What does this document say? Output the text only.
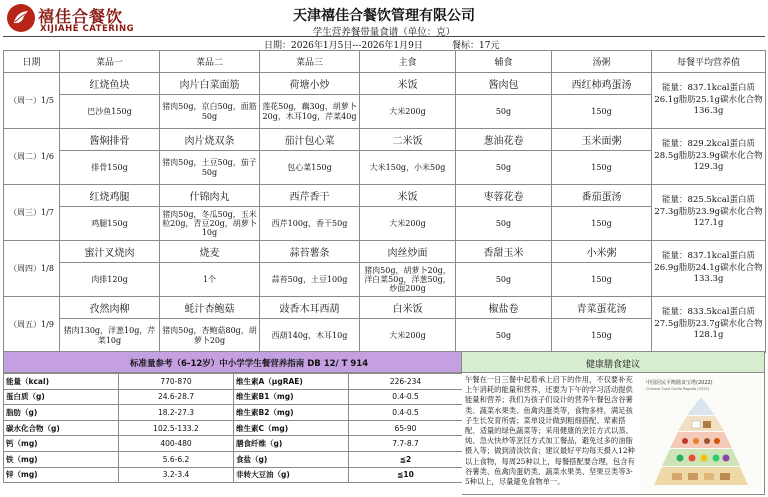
禧佳合餐饮
XIJIAHE CATERING
天津禧佳合餐饮管理有限公司
学生营养餐带量食谱（单位：克）
日期：2026年1月5日---2026年1月9日	餐标：17元
日期	菜品一	菜品二	菜品三	主食	辅食	汤粥	每餐平均营养值
（周一）1/5	红烧鱼块	肉片白菜面筋	荷塘小炒	米饭	酱肉包	西红柿鸡蛋汤	能量：837.1kcal蛋白质26.1g脂肪25.1g碳水化合物136.3g
	巴沙鱼150g	猪肉50g，京白50g，面筋50g	莲花50g，藕30g，胡萝卜20g，木耳10g，芹菜40g	大米200g	50g	150g	
（周二）1/6	酱焖排骨	肉片烧双条	茄汁包心菜	二米饭	葱油花卷	玉米面粥	能量：829.2kcal蛋白质28.5g脂肪23.9g碳水化合物129.3g
	排骨150g	猪肉50g，土豆50g，茄子50g	包心菜150g	大米150g，小米50g	50g	150g	
（周三）1/7	红烧鸡腿	什锦肉丸	西芹香干	米饭	枣蓉花卷	番茄蛋汤	能量：825.5kcal蛋白质27.3g脂肪23.9g碳水化合物127.1g
	鸡腿150g	猪肉50g，冬瓜50g，玉米粒20g，青豆20g，胡萝卜10g	西芹100g，香干50g	大米200g	50g	150g	
（周四）1/8	蜜汁叉烧肉	烧麦	蒜苔薯条	肉丝炒面	香甜玉米	小米粥	能量：837.1kcal蛋白质26.9g脂肪24.1g碳水化合物133.3g
	肉排120g	1个	蒜苔50g，土豆100g	猪肉50g，胡萝卜20g，洋白菜50g，洋葱50g，炒面200g	50g	150g	
（周五）1/9	孜然肉柳	蚝汁杏鲍菇	豉香木耳西葫	白米饭	椒盐卷	青菜蛋花汤	能量：833.5kcal蛋白质27.5g脂肪23.7g碳水化合物128.1g
	猪肉130g，洋葱10g，芹菜10g	猪肉50g，杏鲍菇80g，胡萝卜20g	西葫140g，木耳10g	大米200g	50g	150g	
标准量参考（6-12岁）中小学学生餐营养指南 DB 12/ T 914
能量（kcal)	770-870	维生素A（μgRAE)	226-234
蛋白质（g)	24.6-28.7	维生素B1（mg)	0.4-0.5
脂肪（g)	18.2-27.3	维生素B2（mg)	0.4-0.5
碳水化合物（g)	102.5-133.2	维生素C（mg)	65-90
钙（mg)	400-480	膳食纤维（g)	7.7-8.7
铁（mg)	5.6-6.2	食盐（g)	≦2
锌（mg)	3.2-3.4	非转大豆油（g)	≦10
健康膳食建议
午餐在一日三餐中起着承上启下的作用，不仅要补充上午消耗的能量和营养，还要为下午的学习活动提供能量和营养；我们为孩子们设计的营养午餐包含谷薯类、蔬菜水果类、鱼禽肉蛋类等，食物多样，满足孩子生长发育所需；菜单设计做到粗细搭配、荤素搭配、适量的绿色蔬菜等；采用健康的烹饪方式以蒸、炖、急火快炒等烹饪方式加工餐品，避免过多的油脂摄入等；做到清淡饮食；建议最好平均每天摄入12种以上食物，每周25种以上，每餐搭配要合理，包含有谷薯类、鱼禽肉蛋奶类、蔬菜水果类、坚果豆类等3-5种以上，尽量避免食物单一。
中国居民平衡膳食宝塔(2022)
Chinese Food Guide Pagoda (2022)
